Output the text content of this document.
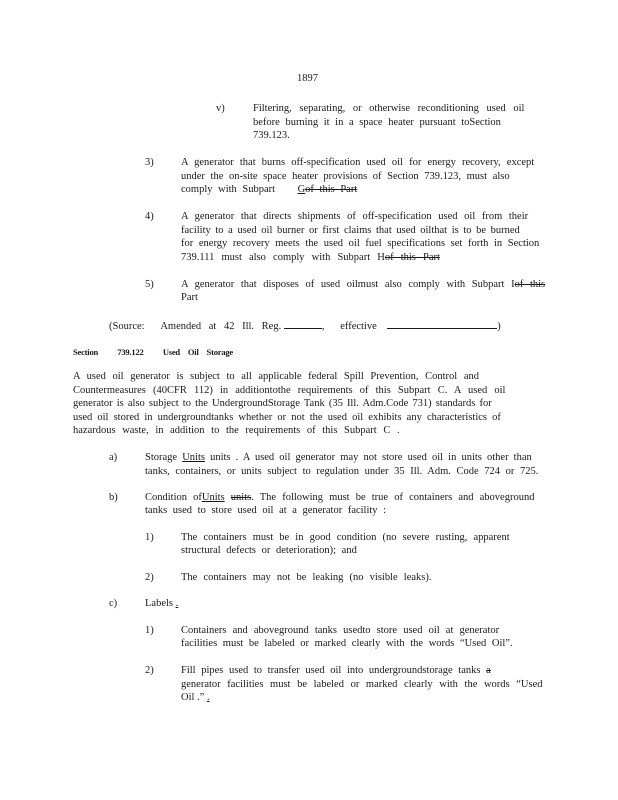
1897
v)	Filtering, separating, or otherwise reconditioning used oil
before burning it in a space heater pursuant toSection
739.123.
3)	A generator that burns off-specification used oil for energy recovery, except
under the on-site space heater provisions of Section 739.123, must also
comply with Subpart Gof this Part
4)	A generator that directs shipments of off-specification used oil from their
facility to a used oil burner or first claims that used oilthat is to be burned
for energy recovery meets the used oil fuel specifications set forth in Section
739.111 must also comply with Subpart Hof this Part
5)	A generator that disposes of used oilmust also comply with Subpart Iof this
Part
(Source: Amended at 42 Ill. Reg.	, effective	)
Section 739.122 Used Oil Storage
A used oil generator is subject to all applicable federal Spill Prevention, Control and
Countermeasures (40CFR 112) in additiontothe requirements of this Subpart C. A used oil
generator is also subject to the UndergroundStorage Tank (35 Ill. Adm.Code 731) standards for
used oil stored in undergroundtanks whether or not the used oil exhibits any characteristics of
hazardous waste, in addition to the requirements of this Subpart C .
a)	Storage Units units . A used oil generator may not store used oil in units other than
tanks, containers, or units subject to regulation under 35 Ill. Adm. Code 724 or 725.
b)	Condition ofUnits units. The following must be true of containers and aboveground
tanks used to store used oil at a generator facility :
1)	The containers must be in good condition (no severe rusting, apparent
structural defects or deterioration); and
2)	The containers may not be leaking (no visible leaks).
c)	Labels .
1)	Containers and aboveground tanks usedto store used oil at generator
facilities must be labeled or marked clearly with the words “Used Oil”.
2)	Fill pipes used to transfer used oil into undergroundstorage tanks a
generator facilities must be labeled or marked clearly with the words “Used
Oil .” .
